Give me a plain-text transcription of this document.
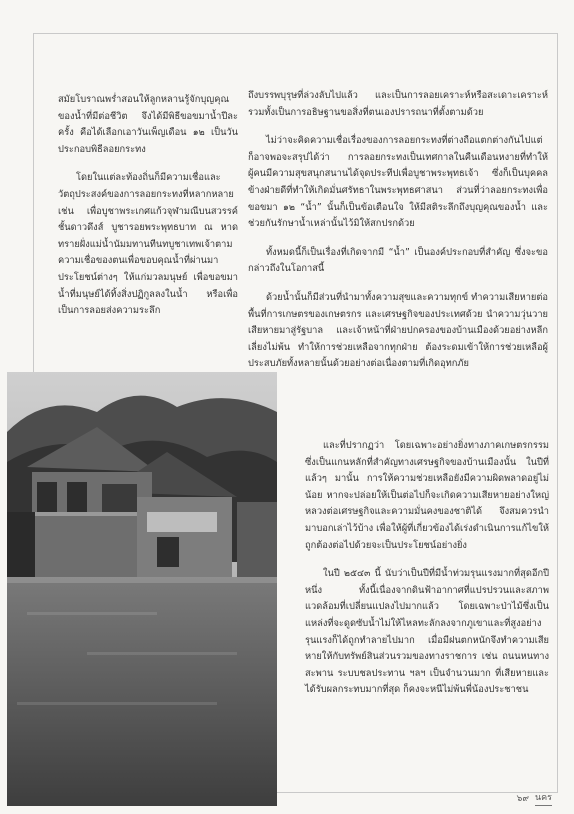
สมัยโบราณพร่ำสอนให้ลูกหลานรู้จักบุญคุณของน้ำที่มีต่อชีวิต จึงได้มีพิธีขอขมาน้ำปีละครั้ง คือได้เลือกเอาวันเพ็ญเดือน ๑๒ เป็นวันประกอบพิธีลอยกระทง

โดยในแต่ละท้องถิ่นก็มีความเชื่อและวัตถุประสงค์ของการลอยกระทงที่หลากหลาย เช่น เพื่อบูชาพระเกศแก้วจุฬามณีบนสวรรค์ชั้นดาวดึงส์ บูชารอยพระพุทธบาท ณ หาดทรายฝั่งแม่น้ำนัมมทานทีนทบูชาเทพเจ้าตามความเชื่อของตนเพื่อขอบคุณน้ำที่ผ่านมาประโยชน์ต่างๆ ให้แก่มวลมนุษย์ เพื่อขอขมาน้ำที่มนุษย์ได้ทิ้งสิ่งปฏิกูลลงในน้ำ หรือเพื่อเป็นการลอยส่งความระลึก

ถึงบรรพบุรุษที่ล่วงลับไปแล้ว และเป็นการลอยเคราะห์หรือสะเดาะเคราะห์รวมทั้งเป็นการอธิษฐานขอสิ่งที่ตนเองปรารถนาที่ตั้งตามด้วย

ไม่ว่าจะคิดความเชื่อเรื่องของการลอยกระทงที่ต่างถือแตกต่างกันไปแต่ก็อาจพอจะสรุปได้ว่า การลอยกระทงเป็นเทศกาลในคืนเดือนหงายที่ทำให้ผู้คนมีความสุขสนุกสนานได้จุดประทีปเพื่อบูชาพระพุทธเจ้า ซึ่งก็เป็นบุคคลข้างฝ่ายดีที่ทำให้เกิดมั่นศรัทธาในพระพุทธศาสนา ส่วนที่ว่าลอยกระทงเพื่อขอขมา ๑๒ “น้ำ” นั้นก็เป็นข้อเตือนใจ ให้มีสติระลึกถึงบุญคุณของน้ำ และช่วยกันรักษาน้ำเหล่านั้นไว้มิให้สกปรกด้วย

ทั้งหมดนี้ก็เป็นเรื่องที่เกิดจากมี “น้ำ” เป็นองค์ประกอบที่สำคัญ ซึ่งจะขอกล่าวถึงในโอกาสนี้

ด้วยน้ำนั้นก็มีส่วนที่นำมาทั้งความสุขและความทุกข์ ทำความเสียหายต่อพื้นที่การเกษตรของเกษตรกร และเศรษฐกิจของประเทศด้วย นำความวุ่นวายเสียหายมาสู่รัฐบาล และเจ้าหน้าที่ฝ่ายปกครองของบ้านเมืองด้วยอย่างหลีกเลี่ยงไม่พ้น ทำให้การช่วยเหลือจากทุกฝ่าย ต้องระดมเข้าให้การช่วยเหลือผู้ประสบภัยทั้งหลายนั้นด้วยอย่างต่อเนื่องตามที่เกิดอุทกภัย

และที่ปรากฏว่า โดยเฉพาะอย่างยิ่งทางภาคเกษตรกรรม ซึ่งเป็นแกนหลักที่สำคัญทางเศรษฐกิจของบ้านเมืองนั้น ในปีที่แล้วๆ มานั้น การให้ความช่วยเหลือยังมีความผิดพลาดอยู่ไม่น้อย หากจะปล่อยให้เป็นต่อไปก็จะเกิดความเสียหายอย่างใหญ่หลวงต่อเศรษฐกิจและความมั่นคงของชาติได้ จึงสมควรนำมาบอกเล่าไว้บ้าง เพื่อให้ผู้ที่เกี่ยวข้องได้เร่งดำเนินการแก้ไขให้ถูกต้องต่อไปด้วยจะเป็นประโยชน์อย่างยิ่ง

ในปี ๒๕๔๓ นี้ นับว่าเป็นปีที่มีน้ำท่วมรุนแรงมากที่สุดอีกปีหนึ่ง ทั้งนี้เนื่องจากดินฟ้าอากาศที่แปรปรวนและสภาพแวดล้อมที่เปลี่ยนแปลงไปมากแล้ว โดยเฉพาะป่าไม้ซึ่งเป็นแหล่งที่จะดูดซับน้ำไม่ให้ไหลทะลักลงจากภูเขาและที่สูงอย่างรุนแรงก็ได้ถูกทำลายไปมาก เมื่อมีฝนตกหนักจึงทำความเสียหายให้กับทรัพย์สินส่วนรวมของทางราชการ เช่น ถนนหนทาง สะพาน ระบบชลประทาน ฯลฯ เป็นจำนวนมาก ที่เสียหายและได้รับผลกระทบมากที่สุด ก็คงจะหนีไม่พ้นพี่น้องประชาชน

๖๙ นคร
